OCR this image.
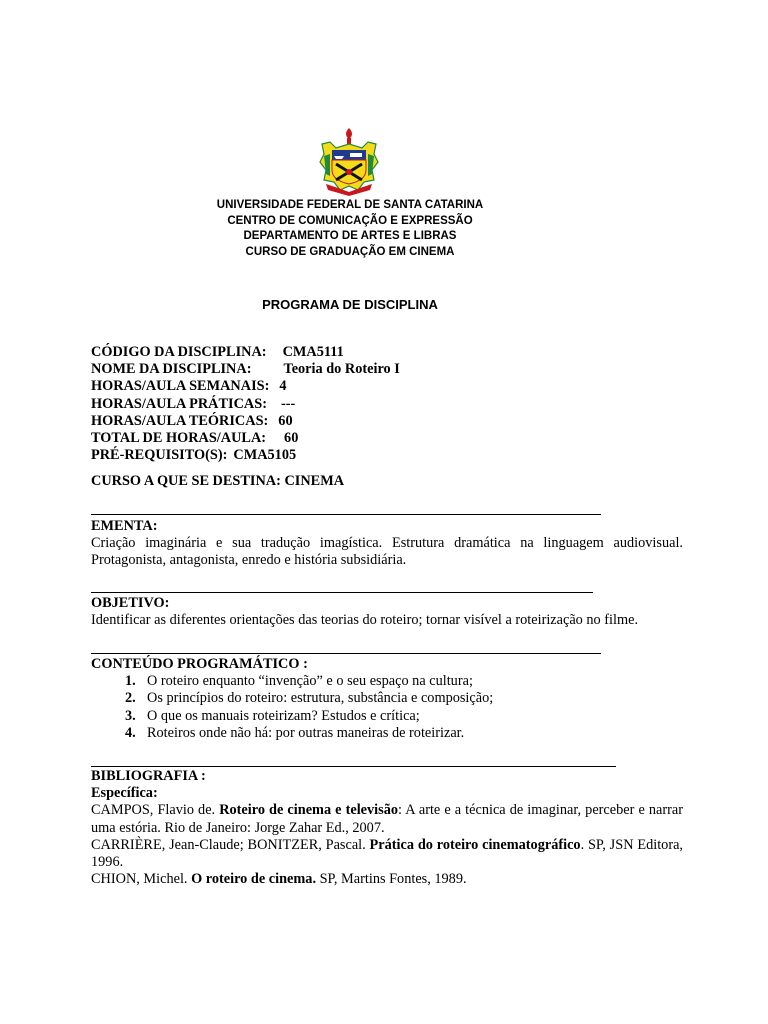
UNIVERSIDADE FEDERAL DE SANTA CATARINA
CENTRO DE COMUNICAÇÃO E EXPRESSÃO
DEPARTAMENTO DE ARTES E LIBRAS
CURSO DE GRADUAÇÃO EM CINEMA
PROGRAMA DE DISCIPLINA
CÓDIGO DA DISCIPLINA: CMA5111
NOME DA DISCIPLINA: Teoria do Roteiro I
HORAS/AULA SEMANAIS: 4
HORAS/AULA PRÁTICAS: ---
HORAS/AULA TEÓRICAS: 60
TOTAL DE HORAS/AULA: 60
PRÉ-REQUISITO(S): CMA5105
CURSO A QUE SE DESTINA: CINEMA
EMENTA:
Criação imaginária e sua tradução imagística. Estrutura dramática na linguagem audiovisual. Protagonista, antagonista, enredo e história subsidiária.
OBJETIVO:
Identificar as diferentes orientações das teorias do roteiro; tornar visível a roteirização no filme.
CONTEÚDO PROGRAMÁTICO :
1. O roteiro enquanto “invenção” e o seu espaço na cultura;
2. Os princípios do roteiro: estrutura, substância e composição;
3. O que os manuais roteirizam? Estudos e crítica;
4. Roteiros onde não há: por outras maneiras de roteirizar.
BIBLIOGRAFIA :
Específica:
CAMPOS, Flavio de. Roteiro de cinema e televisão: A arte e a técnica de imaginar, perceber e narrar uma estória. Rio de Janeiro: Jorge Zahar Ed., 2007.
CARRIÈRE, Jean-Claude; BONITZER, Pascal. Prática do roteiro cinematográfico. SP, JSN Editora, 1996.
CHION, Michel. O roteiro de cinema. SP, Martins Fontes, 1989.
